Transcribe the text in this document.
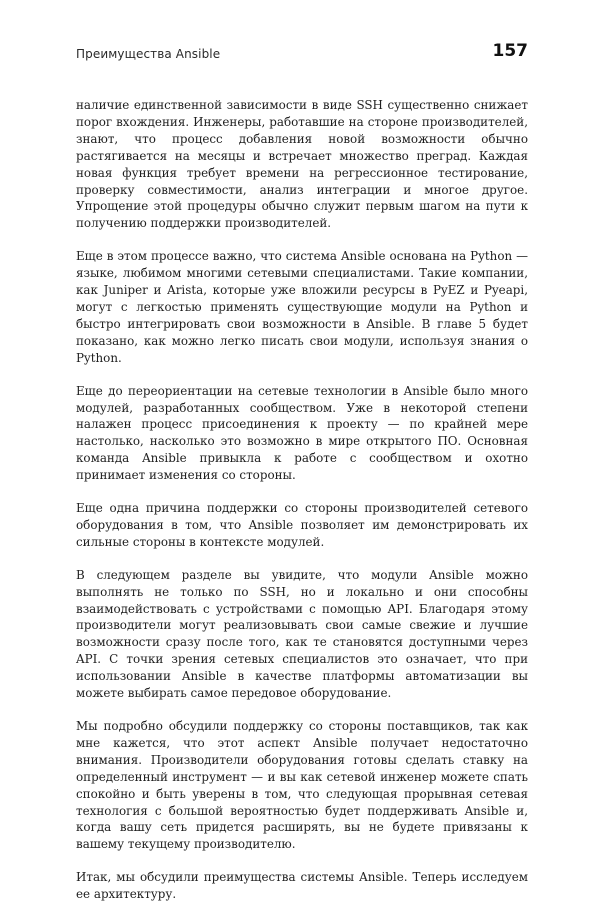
Преимущества Ansible	157

наличие единственной зависимости в виде SSH существенно снижает порог вхождения. Инженеры, работавшие на стороне производителей, знают, что процесс добавления новой возможности обычно растягивается на месяцы и встречает множество преград. Каждая новая функция требует времени на регрессионное тестирование, проверку совместимости, анализ интеграции и многое другое. Упрощение этой процедуры обычно служит первым шагом на пути к получению поддержки производителей.

Еще в этом процессе важно, что система Ansible основана на Python — языке, любимом многими сетевыми специалистами. Такие компании, как Juniper и Arista, которые уже вложили ресурсы в PyEZ и Pyeapi, могут с легкостью применять существующие модули на Python и быстро интегрировать свои возможности в Ansible. В главе 5 будет показано, как можно легко писать свои модули, используя знания о Python.

Еще до переориентации на сетевые технологии в Ansible было много модулей, разработанных сообществом. Уже в некоторой степени налажен процесс присоединения к проекту — по крайней мере настолько, насколько это возможно в мире открытого ПО. Основная команда Ansible привыкла к работе с сообществом и охотно принимает изменения со стороны.

Еще одна причина поддержки со стороны производителей сетевого оборудования в том, что Ansible позволяет им демонстрировать их сильные стороны в контексте модулей.

В следующем разделе вы увидите, что модули Ansible можно выполнять не только по SSH, но и локально и они способны взаимодействовать с устройствами с помощью API. Благодаря этому производители могут реализовывать свои самые свежие и лучшие возможности сразу после того, как те становятся доступными через API. С точки зрения сетевых специалистов это означает, что при использовании Ansible в качестве платформы автоматизации вы можете выбирать самое передовое оборудование.

Мы подробно обсудили поддержку со стороны поставщиков, так как мне кажется, что этот аспект Ansible получает недостаточно внимания. Производители оборудования готовы сделать ставку на определенный инструмент — и вы как сетевой инженер можете спать спокойно и быть уверены в том, что следующая прорывная сетевая технология с большой вероятностью будет поддерживать Ansible и, когда вашу сеть придется расширять, вы не будете привязаны к вашему текущему производителю.

Итак, мы обсудили преимущества системы Ansible. Теперь исследуем ее архитектуру.
